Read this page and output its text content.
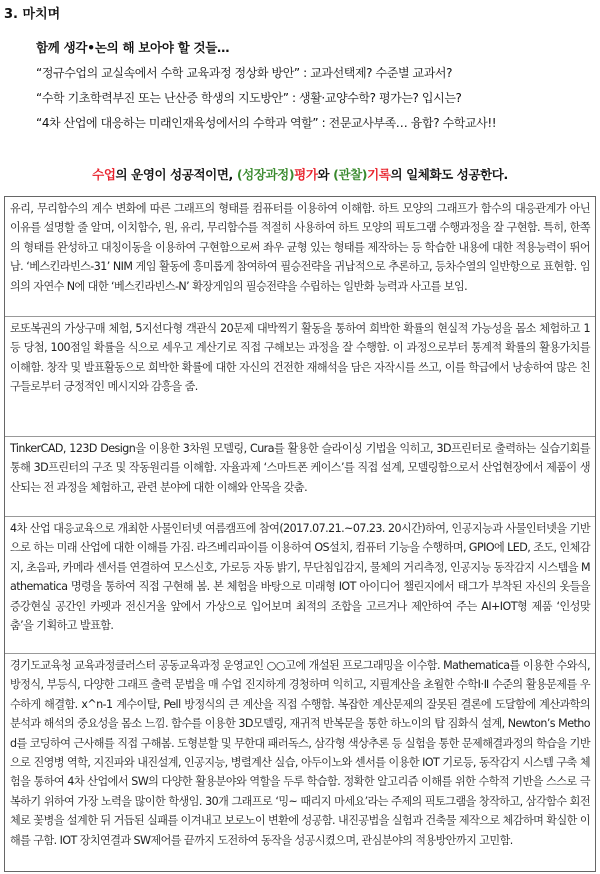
3. 마치며
함께 생각•논의 해 보아야 할 것들…
“정규수업의 교실속에서 수학 교육과정 정상화 방안” : 교과선택제? 수준별 교과서?
“수학 기초학력부진 또는 난산증 학생의 지도방안” : 생활·교양수학? 평가는? 입시는?
“4차 산업에 대응하는 미래인재육성에서의 수학과 역할” : 전문교사부족… 융합? 수학교사!!
수업의 운영이 성공적이면, (성장과정)평가와 (관찰)기록의 일체화도 성공한다.
유리, 무리함수의 계수 변화에 따른 그래프의 형태를 컴퓨터를 이용하여 이해함. 하트 모양의 그래프가 함수의 대응관계가 아닌 이유를 설명할 줄 알며, 이치함수, 원, 유리, 무리함수를 적절히 사용하여 하트 모양의 픽토그램 수행과정을 잘 구현함. 특히, 한쪽의 형태를 완성하고 대칭이동을 이용하여 구현함으로써 좌우 균형 있는 형태를 제작하는 등 학습한 내용에 대한 적용능력이 뛰어남. ‘베스킨라빈스-31’ NIM 게임 활동에 흥미롭게 참여하여 필승전략을 귀납적으로 추론하고, 등차수열의 일반항으로 표현함. 임의의 자연수 N에 대한 ‘베스킨라빈스-N’ 확장게임의 필승전략을 수립하는 일반화 능력과 사고를 보임.
로또복권의 가상구매 체험, 5지선다형 객관식 20문제 대박찍기 활동을 통하여 희박한 확률의 현실적 가능성을 몸소 체험하고 1등 당첨, 100점일 확률을 식으로 세우고 계산기로 직접 구해보는 과정을 잘 수행함. 이 과정으로부터 통계적 확률의 활용가치를 이해함. 창작 및 발표활동으로 희박한 확률에 대한 자신의 건전한 재해석을 담은 자작시를 쓰고, 이를 학급에서 낭송하여 많은 친구들로부터 긍정적인 메시지와 감흥을 줌.
TinkerCAD, 123D Design을 이용한 3차원 모델링, Cura를 활용한 슬라이싱 기법을 익히고, 3D프린터로 출력하는 실습기회를 통해 3D프린터의 구조 및 작동원리를 이해함. 자율과제 ‘스마트폰 케이스’를 직접 설계, 모델링함으로서 산업현장에서 제품이 생산되는 전 과정을 체험하고, 관련 분야에 대한 이해와 안목을 갖춤.
4차 산업 대응교육으로 개최한 사물인터넷 여름캠프에 참여(2017.07.21.~07.23. 20시간)하여, 인공지능과 사물인터넷을 기반으로 하는 미래 산업에 대한 이해를 가짐. 라즈베리파이를 이용하여 OS설치, 컴퓨터 기능을 수행하며, GPIO에 LED, 조도, 인체감지, 초음파, 카메라 센서를 연결하여 모스신호, 가로등 자동 밝기, 무단침입감지, 물체의 거리측정, 인공지능 동작감지 시스템을 Mathematica 명령을 통하여 직접 구현해 봄. 본 체험을 바탕으로 미래형 IOT 아이디어 챌린지에서 태그가 부착된 자신의 옷들을 증강현실 공간인 카펫과 전신거울 앞에서 가상으로 입어보며 최적의 조합을 고르거나 제안하여 주는 AI+IOT형 제품 ‘인성맞춤’을 기획하고 발표함.
경기도교육청 교육과정클러스터 공동교육과정 운영교인 ○○고에 개설된 프로그래밍을 이수함. Mathematica를 이용한 수와식, 방정식, 부등식, 다양한 그래프 출력 문법을 매 수업 진지하게 경청하며 익히고, 지필계산을 초월한 수학Ⅰ·Ⅱ 수준의 활용문제를 우수하게 해결함. x^n-1 계수이탈, Pell 방정식의 큰 계산을 직접 수행함. 복잡한 계산문제의 잘못된 결론에 도달함에 계산과학의 분석과 해석의 중요성을 몸소 느낌. 함수를 이용한 3D모델링, 재귀적 반복문을 통한 하노이의 탑 짐화식 설계, Newton’s Method를 코딩하여 근사해를 직접 구해봄. 도형분할 및 무한대 패러독스, 삼각형 색상추론 등 실험을 통한 문제해결과정의 학습을 기반으로 진영병 역학, 지진파와 내진설계, 인공지능, 병렬계산 실습, 아두이노와 센서를 이용한 IOT 기로등, 동작감지 시스템 구축 체험을 통하여 4차 산업에서 SW의 다양한 활용분야와 역할을 두루 학습함. 정확한 알고리즘 이해를 위한 수학적 기반을 스스로 극복하기 위하여 가장 노력을 많이한 학생임. 30개 그래프로 ‘밍~ 때리지 마세요’라는 주제의 픽토그램을 창작하고, 삼각함수 회전체로 꽃병을 설계한 뒤 거듭된 실패를 이겨내고 보로노이 변환에 성공함. 내진공법을 실험과 건축물 제작으로 체감하며 확실한 이해를 구함. IOT 장치연결과 SW제어를 끝까지 도전하여 동작을 성공시켰으며, 관심분야의 적용방안까지 고민함.
